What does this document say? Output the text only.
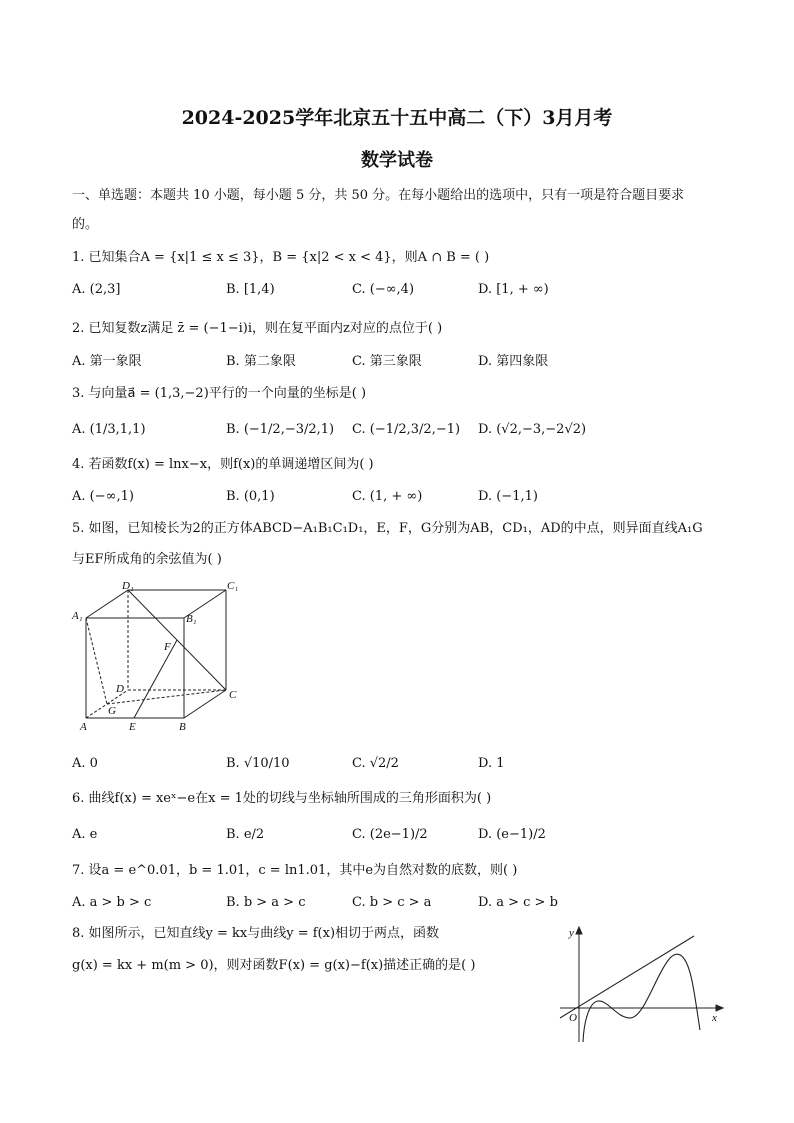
2024-2025学年北京五十五中高二（下）3月月考
数学试卷
一、单选题：本题共 10 小题，每小题 5 分，共 50 分。在每小题给出的选项中，只有一项是符合题目要求
的。
1. 已知集合A = {x|1 ≤ x ≤ 3}，B = {x|2 < x < 4}，则A ∩ B = ( )
A. (2,3]	B. [1,4)	C. (−∞,4)	D. [1, + ∞)
2. 已知复数z满足 z̄ = (−1−i)i，则在复平面内z对应的点位于( )
A. 第一象限	B. 第二象限	C. 第三象限	D. 第四象限
3. 与向量a⃗ = (1,3,−2)平行的一个向量的坐标是( )
A. (1/3,1,1)	B. (−1/2,−3/2,1) C. (−1/2,3/2,−1) D. (√2,−3,−2√2)
4. 若函数f(x) = lnx−x，则f(x)的单调递增区间为( )
A. (−∞,1)	B. (0,1)	C. (1, + ∞)	D. (−1,1)
5. 如图，已知棱长为2的正方体ABCD−A₁B₁C₁D₁，E，F，G分别为AB，CD₁，AD的中点，则异面直线A₁G
与EF所成角的余弦值为( )
D₁	C₁
A₁	B₁
F
D	C
G
A	E	B
A. 0	B. √10/10	C. √2/2	D. 1
6. 曲线f(x) = xeˣ−e在x = 1处的切线与坐标轴所围成的三角形面积为( )
A. e	B. e/2	C. (2e−1)/2	D. (e−1)/2
7. 设a = e^0.01，b = 1.01，c = ln1.01，其中e为自然对数的底数，则( )
A. a > b > c	B. b > a > c	C. b > c > a	D. a > c > b
8. 如图所示，已知直线y = kx与曲线y = f(x)相切于两点，函数
g(x) = kx + m(m > 0)，则对函数F(x) = g(x)−f(x)描述正确的是( )
y
x
O
